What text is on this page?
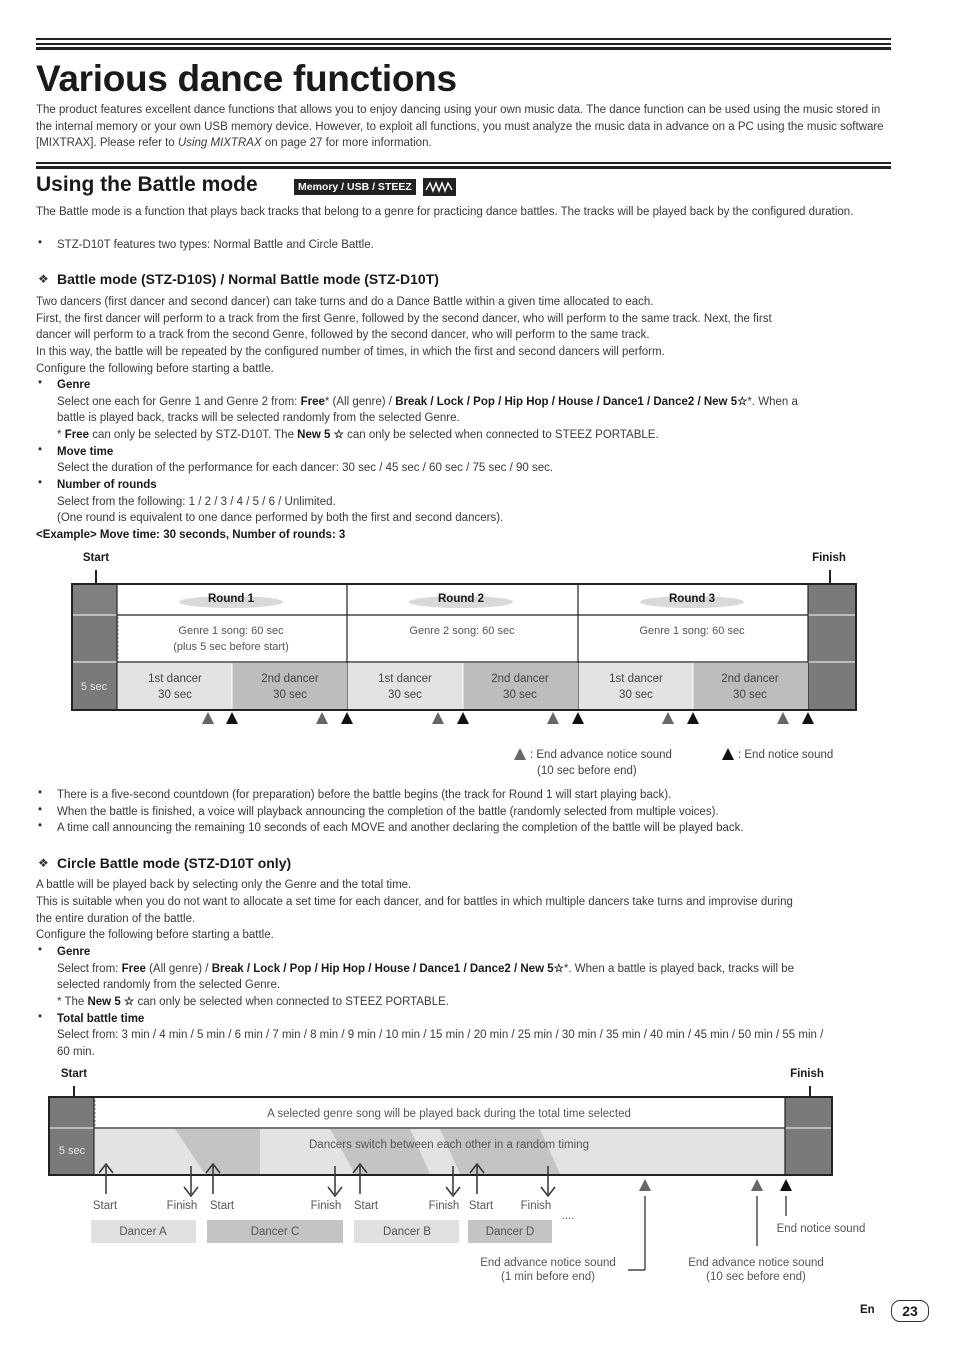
Various dance functions
The product features excellent dance functions that allows you to enjoy dancing using your own music data. The dance function can be used using the music stored in the internal memory or your own USB memory device. However, to exploit all functions, you must analyze the music data in advance on a PC using the music software [MIXTRAX]. Please refer to Using MIXTRAX on page 27 for more information.
Using the Battle mode	Memory / USB / STEEZ
The Battle mode is a function that plays back tracks that belong to a genre for practicing dance battles. The tracks will be played back by the configured duration.
• STZ-D10T features two types: Normal Battle and Circle Battle.
❖ Battle mode (STZ-D10S) / Normal Battle mode (STZ-D10T)
Two dancers (first dancer and second dancer) can take turns and do a Dance Battle within a given time allocated to each.
First, the first dancer will perform to a track from the first Genre, followed by the second dancer, who will perform to the same track. Next, the first
dancer will perform to a track from the second Genre, followed by the second dancer, who will perform to the same track.
In this way, the battle will be repeated by the configured number of times, in which the first and second dancers will perform.
Configure the following before starting a battle.
• Genre
Select one each for Genre 1 and Genre 2 from: Free* (All genre) / Break / Lock / Pop / Hip Hop / House / Dance1 / Dance2 / New 5☆*. When a
battle is played back, tracks will be selected randomly from the selected Genre.
* Free can only be selected by STZ-D10T. The New 5 ☆ can only be selected when connected to STEEZ PORTABLE.
• Move time
Select the duration of the performance for each dancer: 30 sec / 45 sec / 60 sec / 75 sec / 90 sec.
• Number of rounds
Select from the following: 1 / 2 / 3 / 4 / 5 / 6 / Unlimited.
(One round is equivalent to one dance performed by both the first and second dancers).
<Example> Move time: 30 seconds, Number of rounds: 3
Start	Finish
5 sec
Round 1
Genre 1 song: 60 sec
(plus 5 sec before start)
Round 2
Genre 2 song: 60 sec
Round 3
Genre 1 song: 60 sec
1st dancer
30 sec
2nd dancer
30 sec
1st dancer
30 sec
2nd dancer
30 sec
1st dancer
30 sec
2nd dancer
30 sec
: End advance notice sound
(10 sec before end)
: End notice sound
• There is a five-second countdown (for preparation) before the battle begins (the track for Round 1 will start playing back).
• When the battle is finished, a voice will playback announcing the completion of the battle (randomly selected from multiple voices).
• A time call announcing the remaining 10 seconds of each MOVE and another declaring the completion of the battle will be played back.
❖ Circle Battle mode (STZ-D10T only)
A battle will be played back by selecting only the Genre and the total time.
This is suitable when you do not want to allocate a set time for each dancer, and for battles in which multiple dancers take turns and improvise during
the entire duration of the battle.
Configure the following before starting a battle.
• Genre
Select from: Free (All genre) / Break / Lock / Pop / Hip Hop / House / Dance1 / Dance2 / New 5☆*. When a battle is played back, tracks will be
selected randomly from the selected Genre.
* The New 5 ☆ can only be selected when connected to STEEZ PORTABLE.
• Total battle time
Select from: 3 min / 4 min / 5 min / 6 min / 7 min / 8 min / 9 min / 10 min / 15 min / 20 min / 25 min / 30 min / 35 min / 40 min / 45 min / 50 min / 55 min /
60 min.
Start	Finish
5 sec
A selected genre song will be played back during the total time selected
Dancers switch between each other in a random timing
Start	Finish Start	Finish Start	Finish Start Finish
Dancer A	Dancer C	Dancer B	Dancer D
....
End notice sound
End advance notice sound
(1 min before end)
End advance notice sound
(10 sec before end)
En	23
